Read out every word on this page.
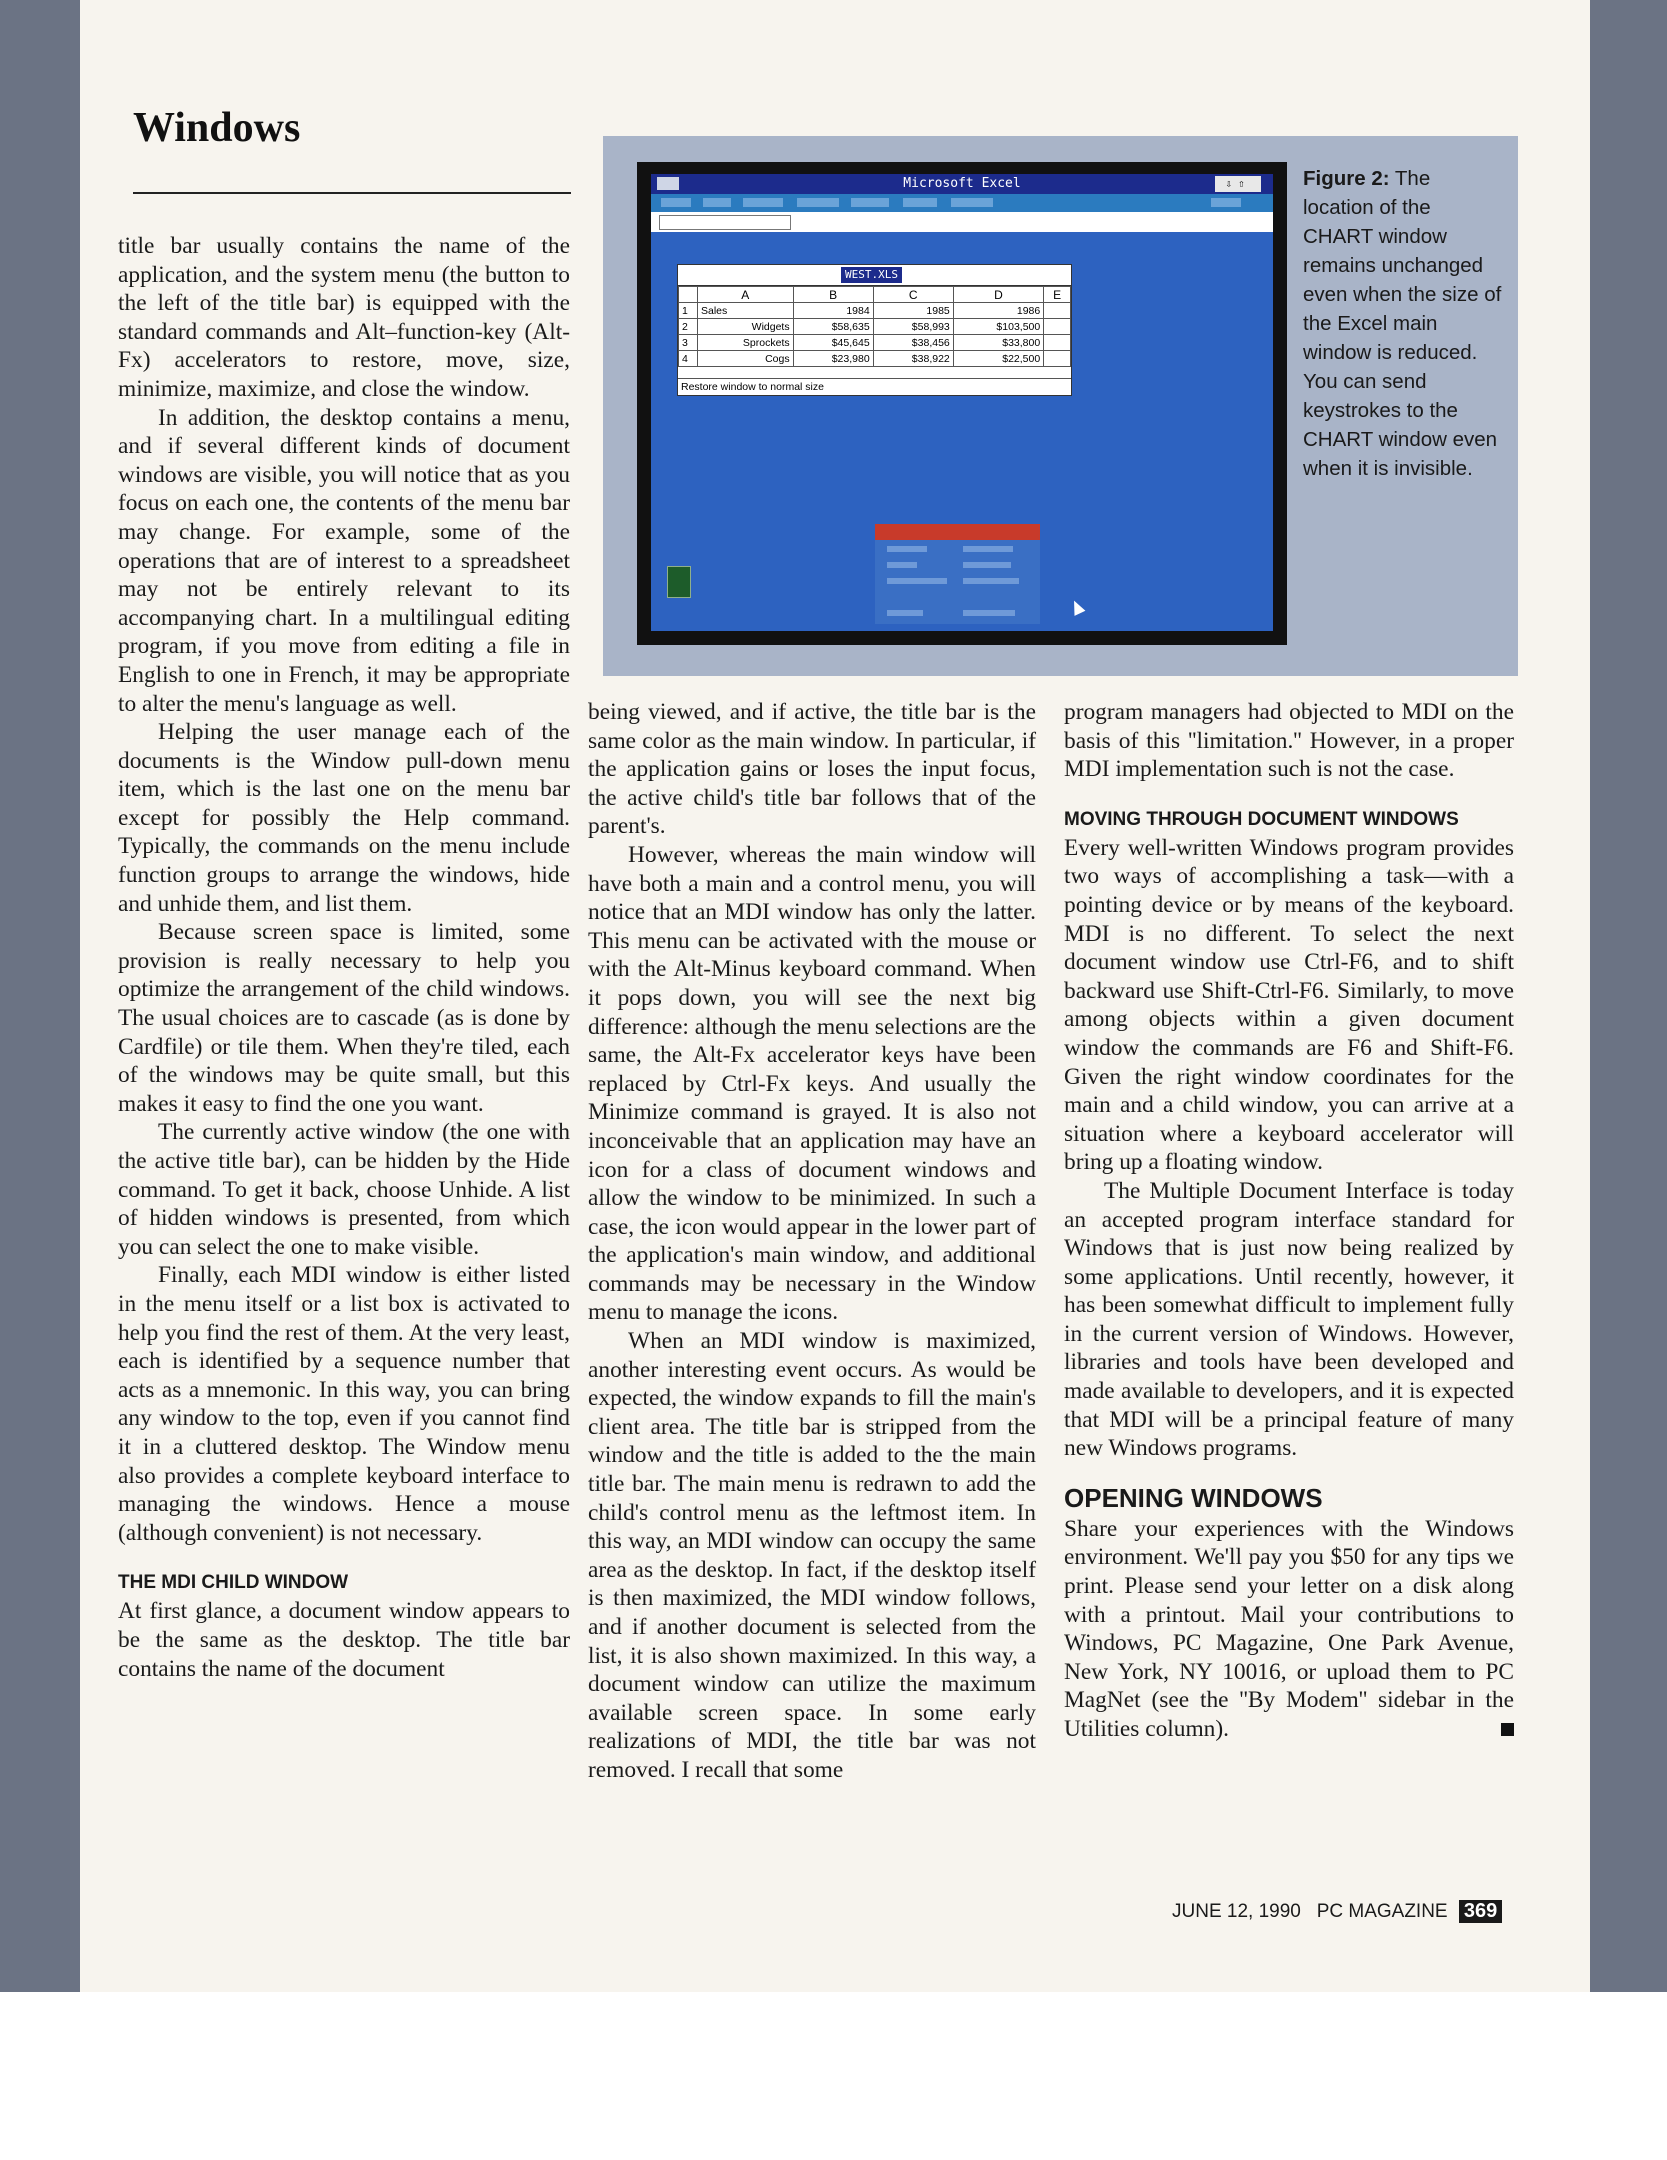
Windows
Microsoft Excel	⇩⇧
WEST.XLS
	A	B	C	D	E
1	Sales	1984	1985	1986	
2	Widgets	$58,635	$58,993	$103,500	
3	Sprockets	$45,645	$38,456	$33,800	
4	Cogs	$23,980	$38,922	$22,500	
Restore window to normal size
Figure 2: The location of the CHART window remains unchanged even when the size of the Excel main window is reduced. You can send keystrokes to the CHART window even when it is invisible.

title bar usually contains the name of the application, and the system menu (the button to the left of the title bar) is equipped with the standard commands and Alt–function-key (Alt-Fx) accelerators to restore, move, size, minimize, maximize, and close the window.

In addition, the desktop contains a menu, and if several different kinds of document windows are visible, you will notice that as you focus on each one, the contents of the menu bar may change. For example, some of the operations that are of interest to a spreadsheet may not be entirely relevant to its accompanying chart. In a multilingual editing program, if you move from editing a file in English to one in French, it may be appropriate to alter the menu's language as well.

Helping the user manage each of the documents is the Window pull-down menu item, which is the last one on the menu bar except for possibly the Help command. Typically, the commands on the menu include function groups to arrange the windows, hide and unhide them, and list them.

Because screen space is limited, some provision is really necessary to help you optimize the arrangement of the child windows. The usual choices are to cascade (as is done by Cardfile) or tile them. When they're tiled, each of the windows may be quite small, but this makes it easy to find the one you want.

The currently active window (the one with the active title bar), can be hidden by the Hide command. To get it back, choose Unhide. A list of hidden windows is presented, from which you can select the one to make visible.

Finally, each MDI window is either listed in the menu itself or a list box is activated to help you find the rest of them. At the very least, each is identified by a sequence number that acts as a mnemonic. In this way, you can bring any window to the top, even if you cannot find it in a cluttered desktop. The Window menu also provides a complete keyboard interface to managing the windows. Hence a mouse (although convenient) is not necessary.

THE MDI CHILD WINDOW

At first glance, a document window appears to be the same as the desktop. The title bar contains the name of the document

being viewed, and if active, the title bar is the same color as the main window. In particular, if the application gains or loses the input focus, the active child's title bar follows that of the parent's.

However, whereas the main window will have both a main and a control menu, you will notice that an MDI window has only the latter. This menu can be activated with the mouse or with the Alt-Minus keyboard command. When it pops down, you will see the next big difference: although the menu selections are the same, the Alt-Fx accelerator keys have been replaced by Ctrl-Fx keys. And usually the Minimize command is grayed. It is also not inconceivable that an application may have an icon for a class of document windows and allow the window to be minimized. In such a case, the icon would appear in the lower part of the application's main window, and additional commands may be necessary in the Window menu to manage the icons.

When an MDI window is maximized, another interesting event occurs. As would be expected, the window expands to fill the main's client area. The title bar is stripped from the window and the title is added to the the main title bar. The main menu is redrawn to add the child's control menu as the leftmost item. In this way, an MDI window can occupy the same area as the desktop. In fact, if the desktop itself is then maximized, the MDI window follows, and if another document is selected from the list, it is also shown maximized. In this way, a document window can utilize the maximum available screen space. In some early realizations of MDI, the title bar was not removed. I recall that some

program managers had objected to MDI on the basis of this ''limitation.'' However, in a proper MDI implementation such is not the case.

MOVING THROUGH DOCUMENT WINDOWS

Every well-written Windows program provides two ways of accomplishing a task—with a pointing device or by means of the keyboard. MDI is no different. To select the next document window use Ctrl-F6, and to shift backward use Shift-Ctrl-F6. Similarly, to move among objects within a given document window the commands are F6 and Shift-F6. Given the right window coordinates for the main and a child window, you can arrive at a situation where a keyboard accelerator will bring up a floating window.

The Multiple Document Interface is today an accepted program interface standard for Windows that is just now being realized by some applications. Until recently, however, it has been somewhat difficult to implement fully in the current version of Windows. However, libraries and tools have been developed and made available to developers, and it is expected that MDI will be a principal feature of many new Windows programs.

OPENING WINDOWS

Share your experiences with the Windows environment. We'll pay you $50 for any tips we print. Please send your letter on a disk along with a printout. Mail your contributions to Windows, PC Magazine, One Park Avenue, New York, NY 10016, or upload them to PC MagNet (see the ''By Modem'' sidebar in the Utilities column).

JUNE 12, 1990 PC MAGAZINE 369
